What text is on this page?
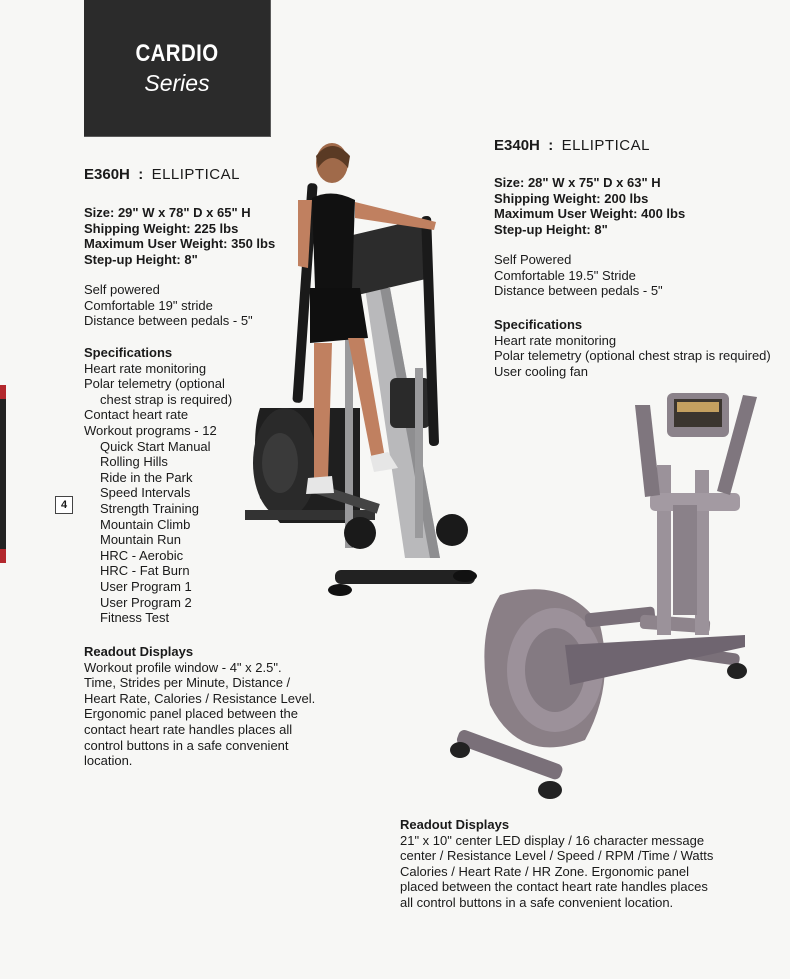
4
CARDIO
Series
E360H : ELLIPTICAL
Size: 29" W x 78" D x 65" H
Shipping Weight: 225 lbs
Maximum User Weight: 350 lbs
Step-up Height: 8"
Self powered
Comfortable 19" stride
Distance between pedals - 5"
Specifications
Heart rate monitoring
Polar telemetry (optional
chest strap is required)
Contact heart rate
Workout programs - 12
Quick Start Manual
Rolling Hills
Ride in the Park
Speed Intervals
Strength Training
Mountain Climb
Mountain Run
HRC - Aerobic
HRC - Fat Burn
User Program 1
User Program 2
Fitness Test
Readout Displays
Workout profile window - 4" x 2.5".
Time, Strides per Minute, Distance /
Heart Rate, Calories / Resistance Level.
Ergonomic panel placed between the
contact heart rate handles places all
control buttons in a safe convenient
location.
E340H : ELLIPTICAL
Size: 28" W x 75" D x 63" H
Shipping Weight: 200 lbs
Maximum User Weight: 400 lbs
Step-up Height: 8"
Self Powered
Comfortable 19.5" Stride
Distance between pedals - 5"
Specifications
Heart rate monitoring
Polar telemetry (optional chest strap is required)
User cooling fan
Readout Displays
21" x 10" center LED display / 16 character message
center / Resistance Level / Speed / RPM /Time / Watts
Calories / Heart Rate / HR Zone. Ergonomic panel
placed between the contact heart rate handles places
all control buttons in a safe convenient location.
